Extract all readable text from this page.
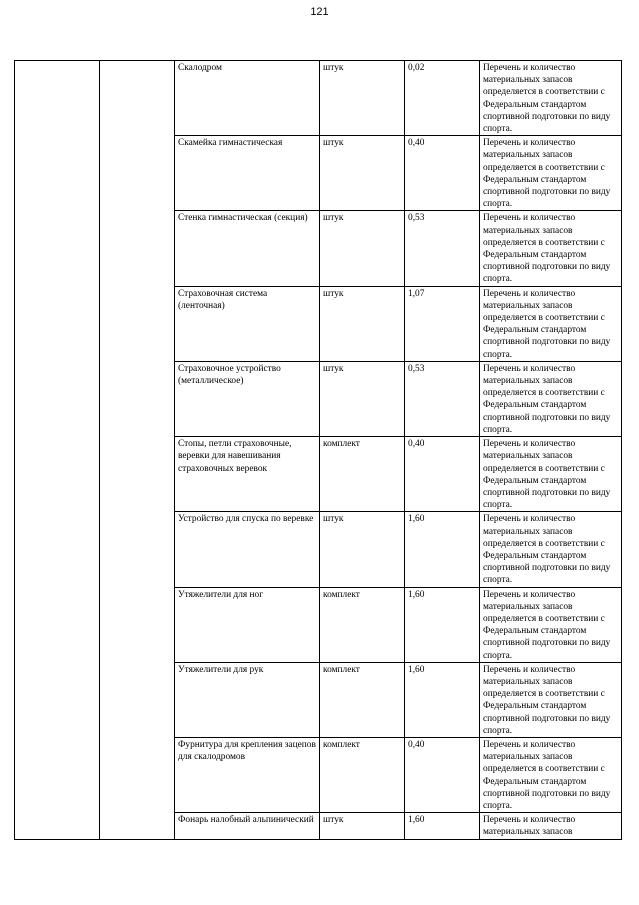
121
		Скалодром	штук	0,02	Перечень и количество материальных запасов определяется в соответствии с Федеральным стандартом спортивной подготовки по виду спорта.
		Скамейка гимнастическая	штук	0,40	Перечень и количество материальных запасов определяется в соответствии с Федеральным стандартом спортивной подготовки по виду спорта.
		Стенка гимнастическая (секция)	штук	0,53	Перечень и количество материальных запасов определяется в соответствии с Федеральным стандартом спортивной подготовки по виду спорта.
		Страховочная система (ленточная)	штук	1,07	Перечень и количество материальных запасов определяется в соответствии с Федеральным стандартом спортивной подготовки по виду спорта.
		Страховочное устройство (металлическое)	штук	0,53	Перечень и количество материальных запасов определяется в соответствии с Федеральным стандартом спортивной подготовки по виду спорта.
		Стопы, петли страховочные, веревки для навешивания страховочных веревок	комплект	0,40	Перечень и количество материальных запасов определяется в соответствии с Федеральным стандартом спортивной подготовки по виду спорта.
		Устройство для спуска по веревке	штук	1,60	Перечень и количество материальных запасов определяется в соответствии с Федеральным стандартом спортивной подготовки по виду спорта.
		Утяжелители для ног	комплект	1,60	Перечень и количество материальных запасов определяется в соответствии с Федеральным стандартом спортивной подготовки по виду спорта.
		Утяжелители для рук	комплект	1,60	Перечень и количество материальных запасов определяется в соответствии с Федеральным стандартом спортивной подготовки по виду спорта.
		Фурнитура для крепления зацепов для скалодромов	комплект	0,40	Перечень и количество материальных запасов определяется в соответствии с Федеральным стандартом спортивной подготовки по виду спорта.
		Фонарь налобный альпинический	штук	1,60	Перечень и количество материальных запасов
